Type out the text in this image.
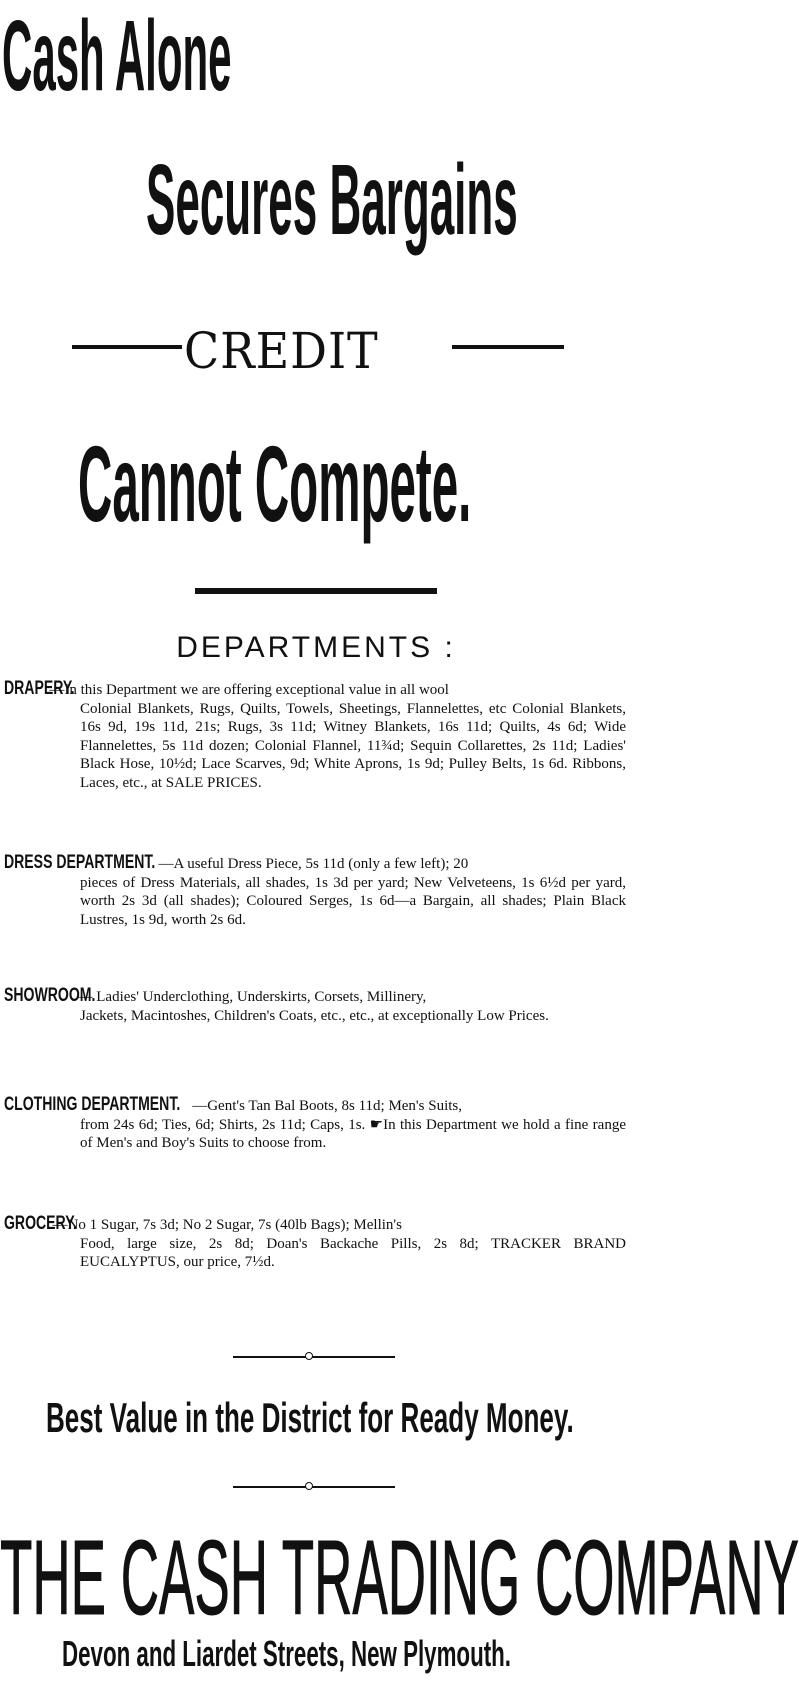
Cash Alone
Secures Bargains
CREDIT
Cannot Compete.
DEPARTMENTS :
DRAPERY.—In this Department we are offering exceptional value in all wool
Colonial Blankets, Rugs, Quilts, Towels, Sheetings, Flannelettes, etc Colonial Blankets, 16s 9d, 19s 11d, 21s; Rugs, 3s 11d; Witney Blankets, 16s 11d; Quilts, 4s 6d; Wide Flannelettes, 5s 11d dozen; Colonial Flannel, 11¾d; Sequin Collarettes, 2s 11d; Ladies' Black Hose, 10½d; Lace Scarves, 9d; White Aprons, 1s 9d; Pulley Belts, 1s 6d. Ribbons, Laces, etc., at SALE PRICES.
DRESS DEPARTMENT. —A useful Dress Piece, 5s 11d (only a few left); 20
pieces of Dress Materials, all shades, 1s 3d per yard; New Velveteens, 1s 6½d per yard, worth 2s 3d (all shades); Coloured Serges, 1s 6d—a Bargain, all shades; Plain Black Lustres, 1s 9d, worth 2s 6d.
SHOWROOM.— Ladies' Underclothing, Underskirts, Corsets, Millinery,
Jackets, Macintoshes, Children's Coats, etc., etc., at exceptionally Low Prices.
CLOTHING DEPARTMENT. —Gent's Tan Bal Boots, 8s 11d; Men's Suits,
from 24s 6d; Ties, 6d; Shirts, 2s 11d; Caps, 1s. ☛In this Department we hold a fine range of Men's and Boy's Suits to choose from.
GROCERY.—No 1 Sugar, 7s 3d; No 2 Sugar, 7s (40lb Bags); Mellin's
Food, large size, 2s 8d; Doan's Backache Pills, 2s 8d; TRACKER BRAND EUCALYPTUS, our price, 7½d.
Best Value in the District for Ready Money.
THE CASH TRADING COMPANY
Devon and Liardet Streets, New Plymouth.
